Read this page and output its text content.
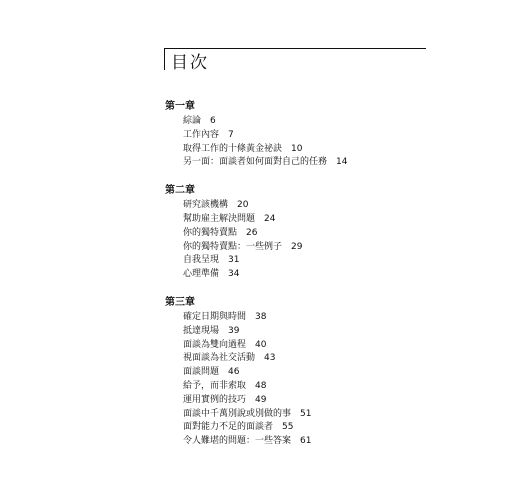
目次
第一章
綜論 6
工作內容 7
取得工作的十條黃金祕訣 10
另一面：面談者如何面對自己的任務 14
第二章
研究該機構 20
幫助雇主解決問題 24
你的獨特賣點 26
你的獨特賣點：一些例子 29
自我呈現 31
心理準備 34
第三章
確定日期與時間 38
抵達現場 39
面談為雙向過程 40
視面談為社交活動 43
面談問題 46
給予，而非索取 48
運用實例的技巧 49
面談中千萬別說或別做的事 51
面對能力不足的面談者 55
令人難堪的問題：一些答案 61
